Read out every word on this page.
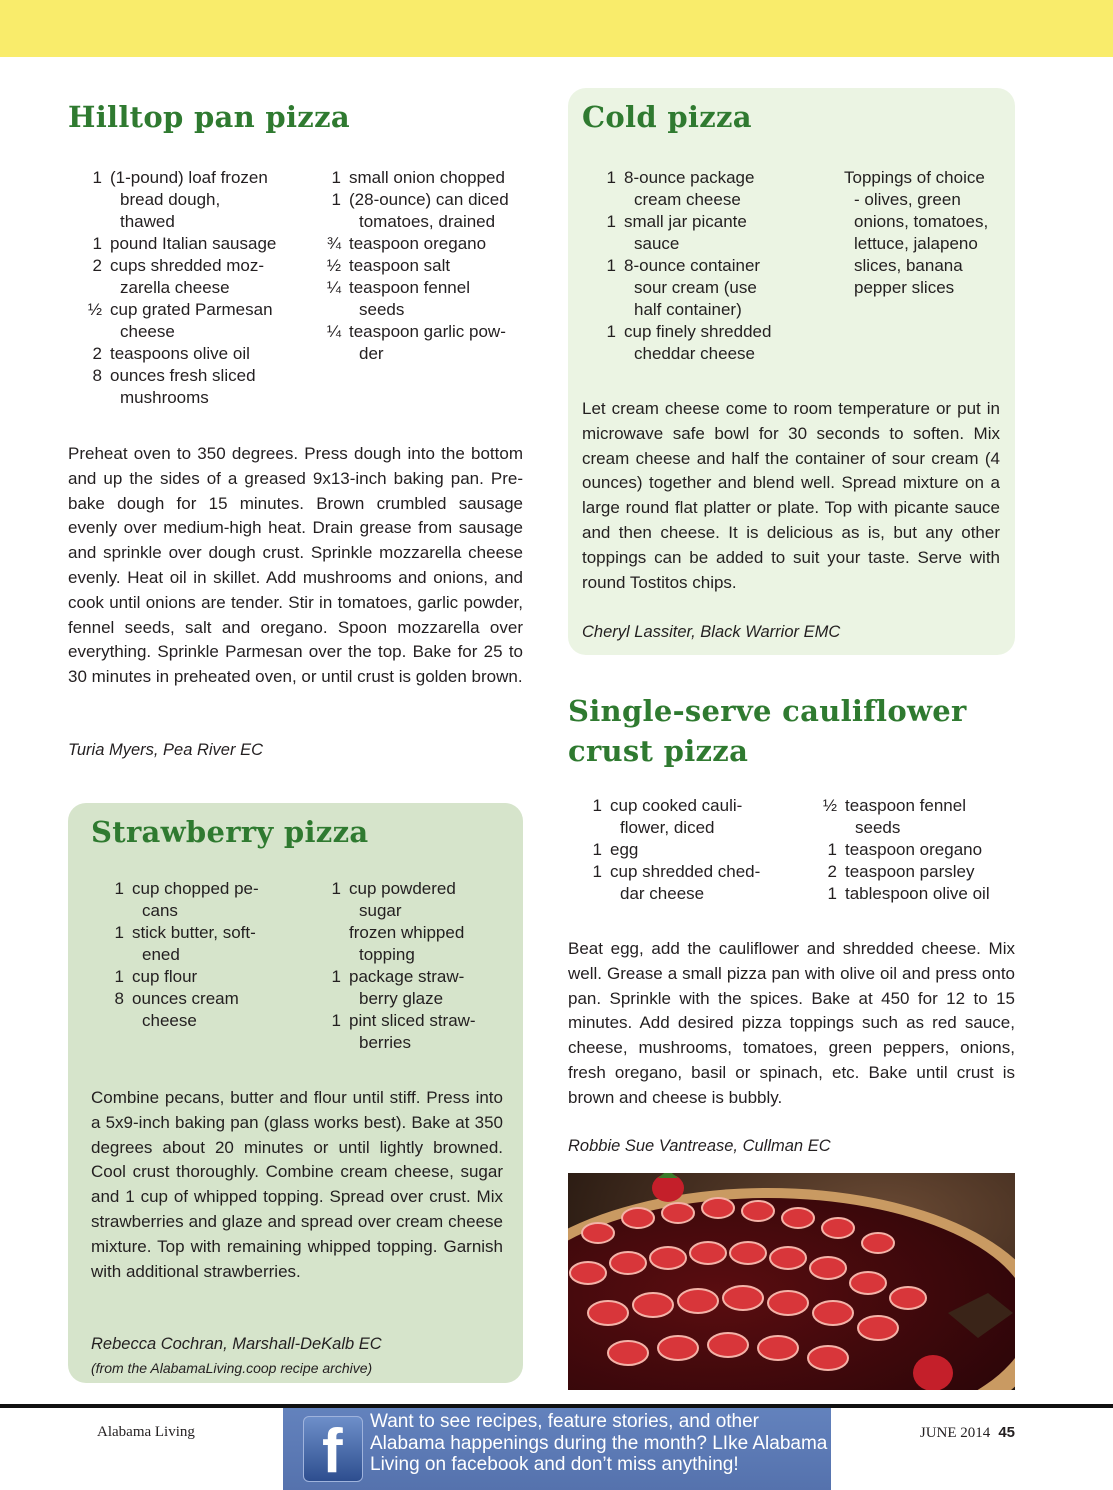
Hilltop pan pizza
1 (1-pound) loaf frozen
bread dough,
thawed
1 pound Italian sausage
2 cups shredded moz-
zarella cheese
½ cup grated Parmesan
cheese
2 teaspoons olive oil
8 ounces fresh sliced
mushrooms
1 small onion chopped
1 (28-ounce) can diced
tomatoes, drained
¾ teaspoon oregano
½ teaspoon salt
¼ teaspoon fennel
seeds
¼ teaspoon garlic pow-
der

Preheat oven to 350 degrees. Press dough into the bottom and up the sides of a greased 9x13-inch baking pan. Pre-bake dough for 15 minutes. Brown crumbled sausage evenly over medium-high heat. Drain grease from sausage and sprinkle over dough crust. Sprinkle mozzarella cheese evenly. Heat oil in skillet. Add mushrooms and onions, and cook until onions are tender. Stir in tomatoes, garlic powder, fennel seeds, salt and oregano. Spoon mozzarella over everything. Sprinkle Parmesan over the top. Bake for 25 to 30 minutes in preheated oven, or until crust is golden brown.

Turia Myers, Pea River EC

Strawberry pizza
1 cup chopped pe-
cans
1 stick butter, soft-
ened
1 cup flour
8 ounces cream
cheese
1 cup powdered
sugar
frozen whipped
topping
1 package straw-
berry glaze
1 pint sliced straw-
berries

Combine pecans, butter and flour until stiff. Press into a 5x9-inch baking pan (glass works best). Bake at 350 degrees about 20 minutes or until lightly browned. Cool crust thoroughly. Combine cream cheese, sugar and 1 cup of whipped topping. Spread over crust. Mix strawberries and glaze and spread over cream cheese mixture. Top with remaining whipped topping. Garnish with additional strawberries.

Rebecca Cochran, Marshall-DeKalb EC

(from the AlabamaLiving.coop recipe archive)

Cold pizza
1 8-ounce package
cream cheese
1 small jar picante
sauce
1 8-ounce container
sour cream (use
half container)
1 cup finely shredded
cheddar cheese
Toppings of choice
- olives, green
onions, tomatoes,
lettuce, jalapeno
slices, banana
pepper slices

Let cream cheese come to room temperature or put in microwave safe bowl for 30 seconds to soften. Mix cream cheese and half the container of sour cream (4 ounces) together and blend well. Spread mixture on a large round flat platter or plate. Top with picante sauce and then cheese. It is delicious as is, but any other toppings can be added to suit your taste. Serve with round Tostitos chips.

Cheryl Lassiter, Black Warrior EMC

Single-serve cauliflower crust pizza
1 cup cooked cauli-
flower, diced
1 egg
1 cup shredded ched-
dar cheese
½ teaspoon fennel
seeds
1 teaspoon oregano
2 teaspoon parsley
1 tablespoon olive oil

Beat egg, add the cauliflower and shredded cheese. Mix well. Grease a small pizza pan with olive oil and press onto pan. Sprinkle with the spices. Bake at 450 for 12 to 15 minutes. Add desired pizza toppings such as red sauce, cheese, mushrooms, tomatoes, green peppers, onions, fresh oregano, basil or spinach, etc. Bake until crust is brown and cheese is bubbly.

Robbie Sue Vantrease, Cullman EC

Alabama Living f Want to see recipes, feature stories, and other Alabama happenings during the month? LIke Alabama Living on facebook and don’t miss anything!
JUNE 2014 45
